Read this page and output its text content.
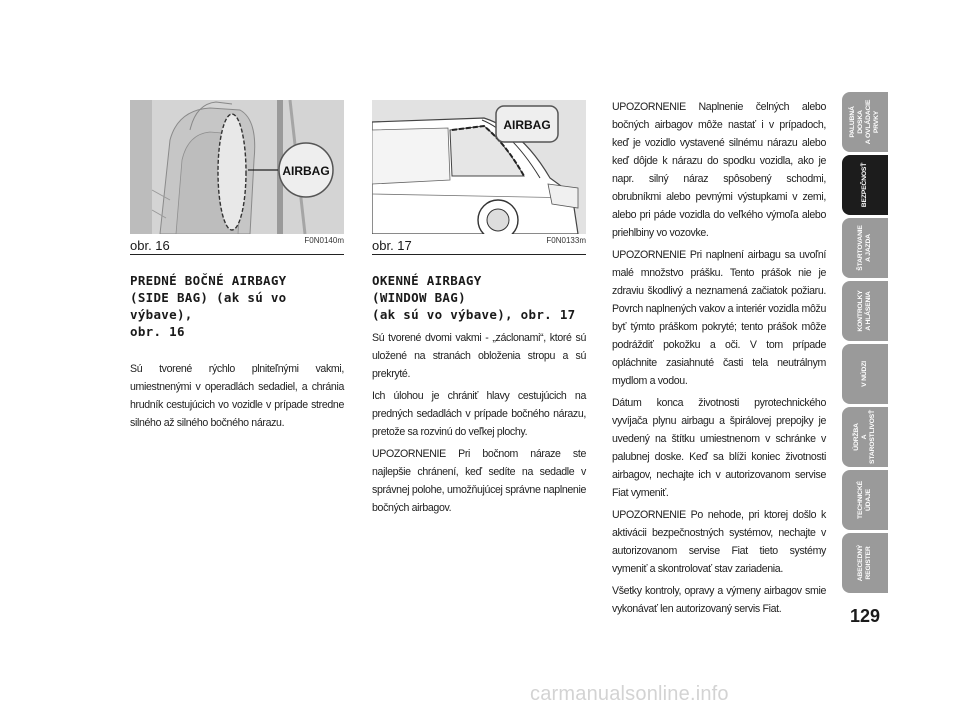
AIRBAG
obr. 16	F0N0140m
AIRBAG
obr. 17	F0N0133m
PREDNÉ BOČNÉ AIRBAGY
(SIDE BAG) (ak sú vo výbave),
obr. 16

Sú tvorené rýchlo plniteľnými vakmi, umiestnenými v operadlách sedadiel, a chránia hrudník cestujúcich vo vozidle v prípade stredne silného až silného bočného nárazu.

OKENNÉ AIRBAGY
(WINDOW BAG)
(ak sú vo výbave), obr. 17

Sú tvorené dvomi vakmi - „záclonami“, ktoré sú uložené na stranách obloženia stropu a sú prekryté.

Ich úlohou je chrániť hlavy cestujúcich na predných sedadlách v prípade bočného nárazu, pretože sa rozvinú do veľkej plochy.

UPOZORNENIE Pri bočnom náraze ste najlepšie chránení, keď sedíte na sedadle v správnej polohe, umožňujúcej správne naplnenie bočných airbagov.

UPOZORNENIE Naplnenie čelných alebo bočných airbagov môže nastať i v prípadoch, keď je vozidlo vystavené silnému nárazu alebo keď dôjde k nárazu do spodku vozidla, ako je napr. silný náraz spôsobený schodmi, obrubníkmi alebo pevnými výstupkami v zemi, alebo pri páde vozidla do veľkého výmoľa alebo priehlbiny vo vozovke.

UPOZORNENIE Pri naplnení airbagu sa uvoľní malé množstvo prášku. Tento prášok nie je zdraviu škodlivý a neznamená začiatok požiaru. Povrch naplnených vakov a interiér vozidla môžu byť týmto práškom pokryté; tento prášok môže podráždiť pokožku a oči. V tom prípade opláchnite zasiahnuté časti tela neutrálnym mydlom a vodou.

Dátum konca životnosti pyrotechnického vyvíjača plynu airbagu a špirálovej prepojky je uvedený na štítku umiestnenom v schránke v palubnej doske. Keď sa blíži koniec životnosti airbagov, nechajte ich v autorizovanom servise Fiat vymeniť.

UPOZORNENIE Po nehode, pri ktorej došlo k aktivácii bezpečnostných systémov, nechajte v autorizovanom servise Fiat tieto systémy vymeniť a skontrolovať stav zariadenia.

Všetky kontroly, opravy a výmeny airbagov smie vykonávať len autorizovaný servis Fiat.

PALUBNÁ DOSKA
A OVLÁDACIE PRVKY
BEZPEČNOSŤ
ŠTARTOVANIE
A JAZDA
KONTROLKY
A HLÁSENIA
V NÚDZI
ÚDRŽBA
A STAROSTLIVOSŤ
TECHNICKÉ
ÚDAJE
ABECEDNÝ
REGISTER
129
carmanualsonline.info
